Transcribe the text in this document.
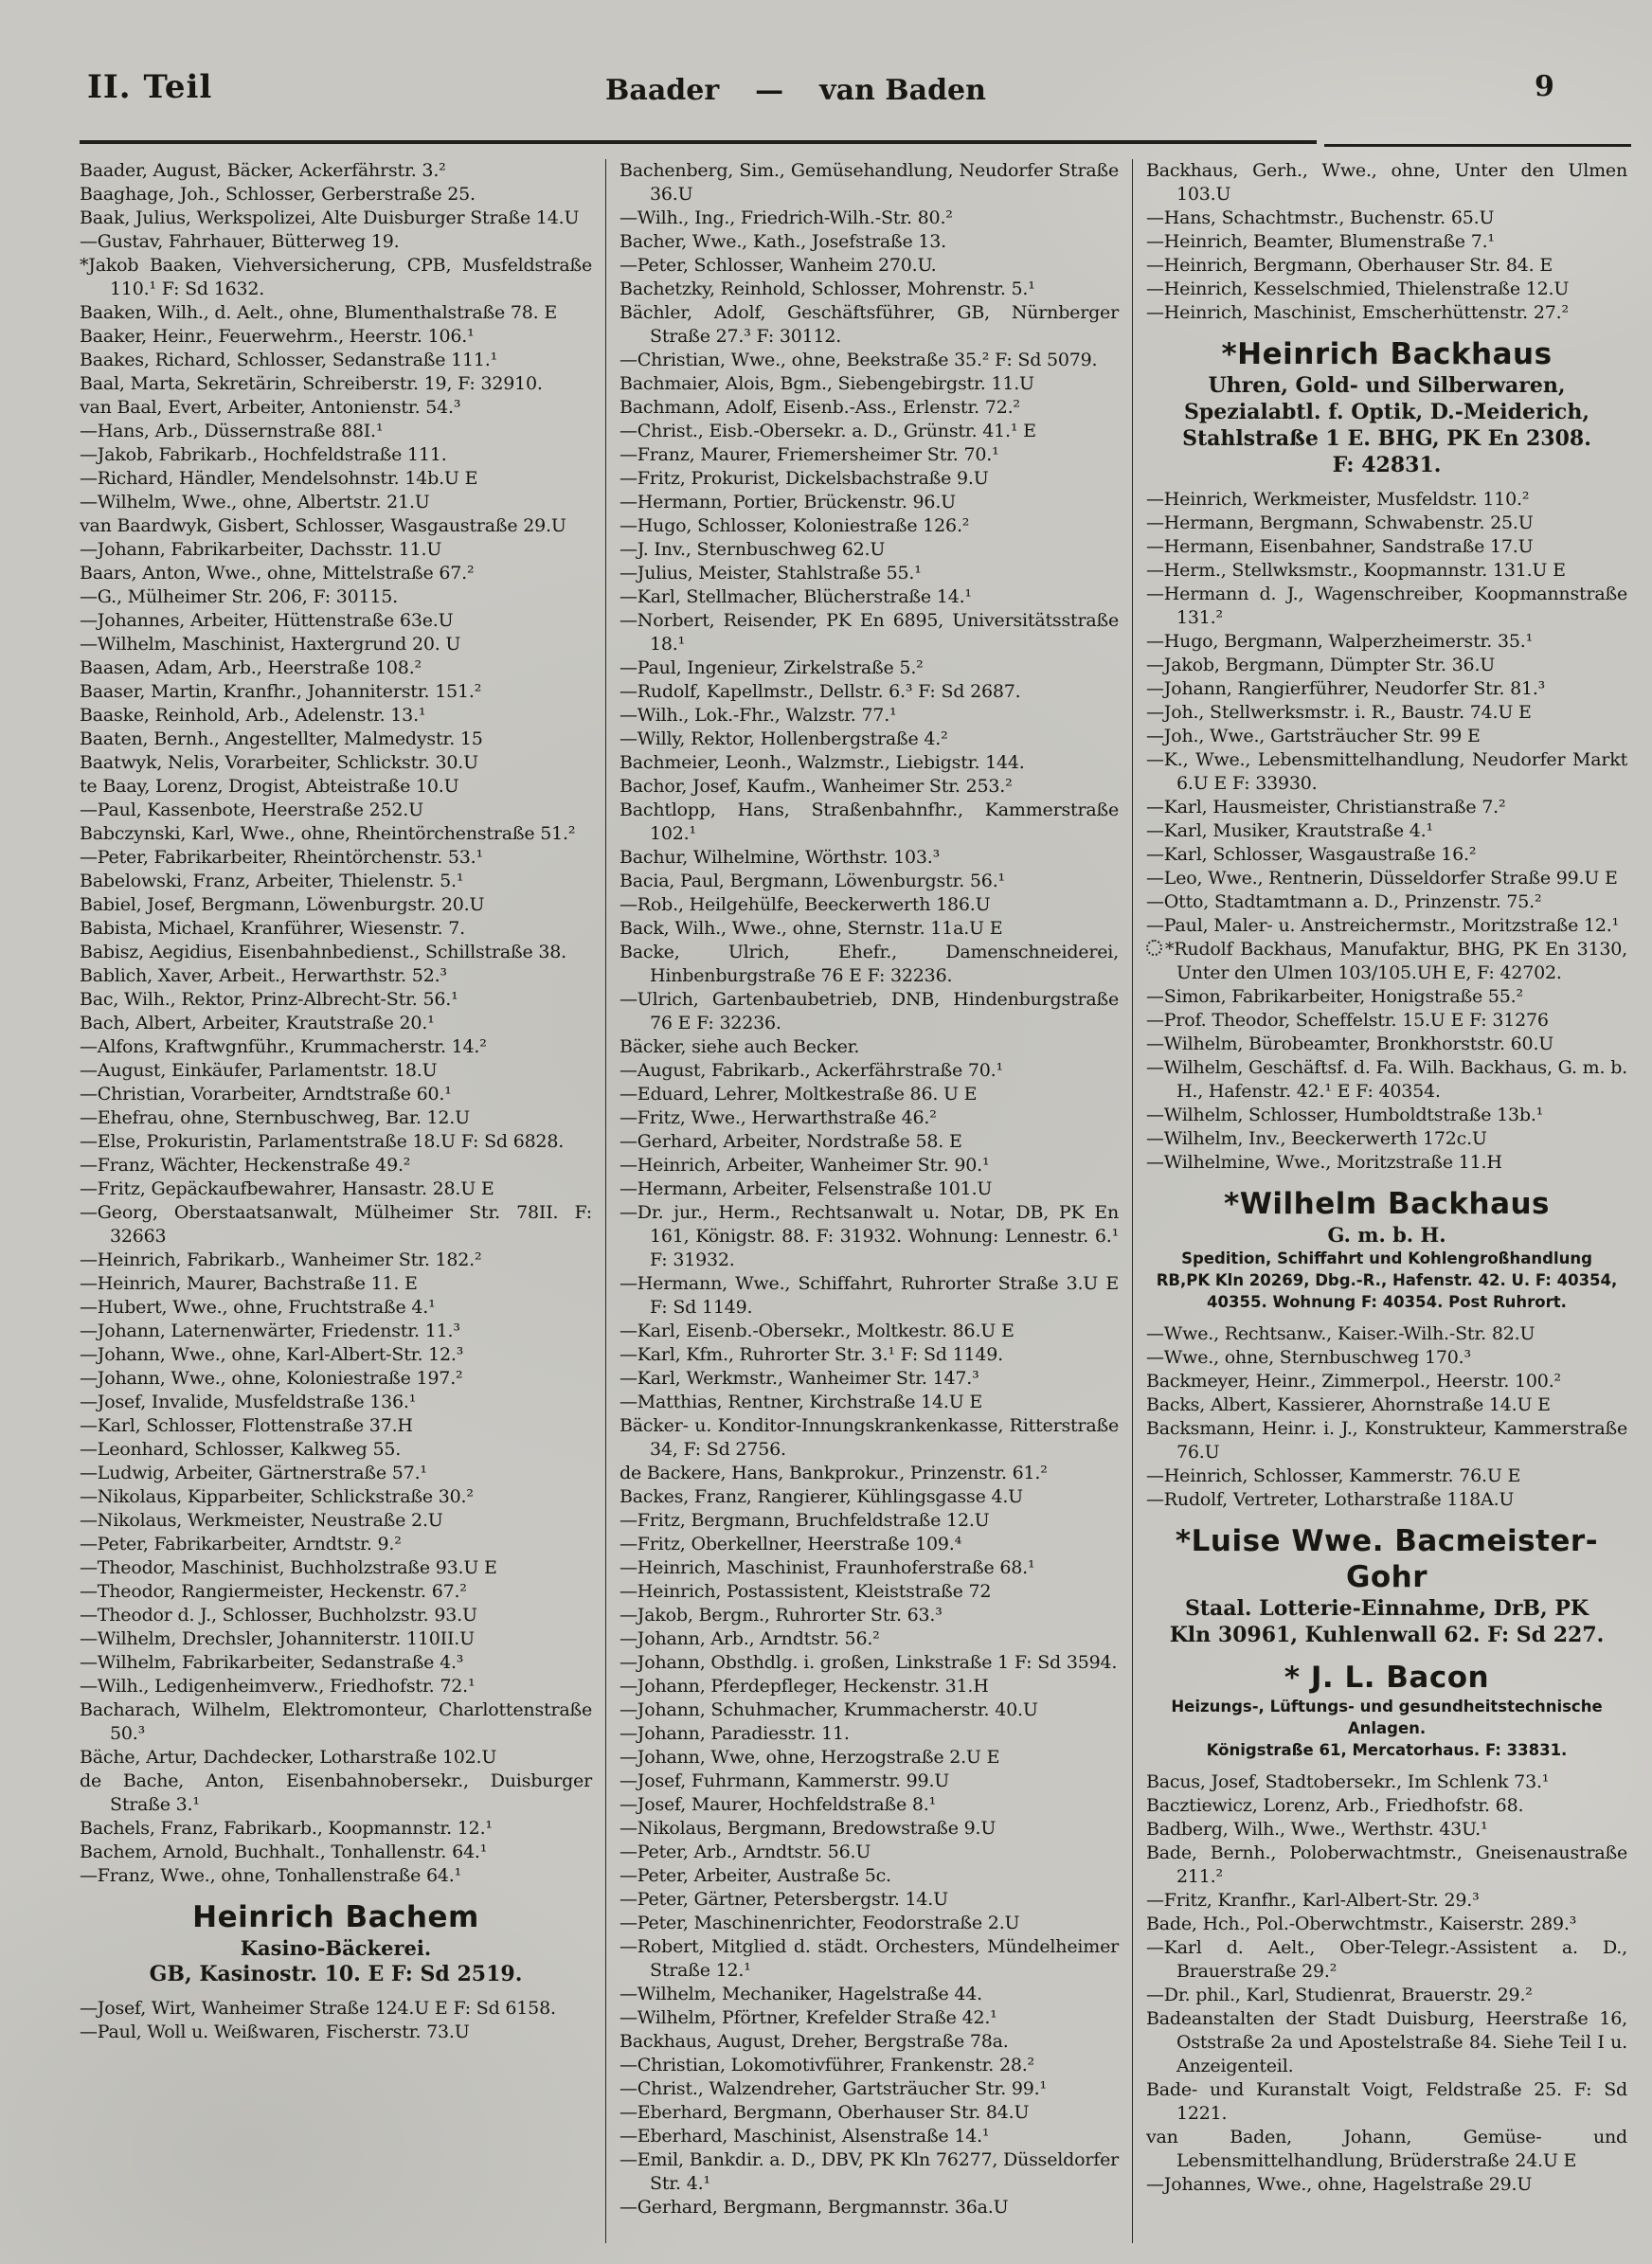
II. Teil	Baader — van Baden	9
Baader, August, Bäcker, Ackerfährstr. 3.²
Baaghage, Joh., Schlosser, Gerberstraße 25.
Baak, Julius, Werkspolizei, Alte Duisburger Straße 14.U
—Gustav, Fahrhauer, Bütterweg 19.
*Jakob Baaken, Viehversicherung, CPB, Musfeldstraße 110.¹ F: Sd 1632.
Baaken, Wilh., d. Aelt., ohne, Blumenthalstraße 78. E
Baaker, Heinr., Feuerwehrm., Heerstr. 106.¹
Baakes, Richard, Schlosser, Sedanstraße 111.¹
Baal, Marta, Sekretärin, Schreiberstr. 19, F: 32910.
van Baal, Evert, Arbeiter, Antonienstr. 54.³
—Hans, Arb., Düssernstraße 88I.¹
—Jakob, Fabrikarb., Hochfeldstraße 111.
—Richard, Händler, Mendelsohnstr. 14b.U E
—Wilhelm, Wwe., ohne, Albertstr. 21.U
van Baardwyk, Gisbert, Schlosser, Wasgaustraße 29.U
—Johann, Fabrikarbeiter, Dachsstr. 11.U
Baars, Anton, Wwe., ohne, Mittelstraße 67.²
—G., Mülheimer Str. 206, F: 30115.
—Johannes, Arbeiter, Hüttenstraße 63e.U
—Wilhelm, Maschinist, Haxtergrund 20. U
Baasen, Adam, Arb., Heerstraße 108.²
Baaser, Martin, Kranfhr., Johanniterstr. 151.²
Baaske, Reinhold, Arb., Adelenstr. 13.¹
Baaten, Bernh., Angestellter, Malmedystr. 15
Baatwyk, Nelis, Vorarbeiter, Schlickstr. 30.U
te Baay, Lorenz, Drogist, Abteistraße 10.U
—Paul, Kassenbote, Heerstraße 252.U
Babczynski, Karl, Wwe., ohne, Rheintörchenstraße 51.²
—Peter, Fabrikarbeiter, Rheintörchenstr. 53.¹
Babelowski, Franz, Arbeiter, Thielenstr. 5.¹
Babiel, Josef, Bergmann, Löwenburgstr. 20.U
Babista, Michael, Kranführer, Wiesenstr. 7.
Babisz, Aegidius, Eisenbahnbedienst., Schillstraße 38.
Bablich, Xaver, Arbeit., Herwarthstr. 52.³
Bac, Wilh., Rektor, Prinz-Albrecht-Str. 56.¹
Bach, Albert, Arbeiter, Krautstraße 20.¹
—Alfons, Kraftwgnführ., Krummacherstr. 14.²
—August, Einkäufer, Parlamentstr. 18.U
—Christian, Vorarbeiter, Arndtstraße 60.¹
—Ehefrau, ohne, Sternbuschweg, Bar. 12.U
—Else, Prokuristin, Parlamentstraße 18.U F: Sd 6828.
—Franz, Wächter, Heckenstraße 49.²
—Fritz, Gepäckaufbewahrer, Hansastr. 28.U E
—Georg, Oberstaatsanwalt, Mülheimer Str. 78II. F: 32663
—Heinrich, Fabrikarb., Wanheimer Str. 182.²
—Heinrich, Maurer, Bachstraße 11. E
—Hubert, Wwe., ohne, Fruchtstraße 4.¹
—Johann, Laternenwärter, Friedenstr. 11.³
—Johann, Wwe., ohne, Karl-Albert-Str. 12.³
—Johann, Wwe., ohne, Koloniestraße 197.²
—Josef, Invalide, Musfeldstraße 136.¹
—Karl, Schlosser, Flottenstraße 37.H
—Leonhard, Schlosser, Kalkweg 55.
—Ludwig, Arbeiter, Gärtnerstraße 57.¹
—Nikolaus, Kipparbeiter, Schlickstraße 30.²
—Nikolaus, Werkmeister, Neustraße 2.U
—Peter, Fabrikarbeiter, Arndtstr. 9.²
—Theodor, Maschinist, Buchholzstraße 93.U E
—Theodor, Rangiermeister, Heckenstr. 67.²
—Theodor d. J., Schlosser, Buchholzstr. 93.U
—Wilhelm, Drechsler, Johanniterstr. 110II.U
—Wilhelm, Fabrikarbeiter, Sedanstraße 4.³
—Wilh., Ledigenheimverw., Friedhofstr. 72.¹
Bacharach, Wilhelm, Elektromonteur, Charlottenstraße 50.³
Bäche, Artur, Dachdecker, Lotharstraße 102.U
de Bache, Anton, Eisenbahnobersekr., Duisburger Straße 3.¹
Bachels, Franz, Fabrikarb., Koopmannstr. 12.¹
Bachem, Arnold, Buchhalt., Tonhallenstr. 64.¹
—Franz, Wwe., ohne, Tonhallenstraße 64.¹
Heinrich Bachem
Kasino-Bäckerei.
GB, Kasinostr. 10. E F: Sd 2519.
—Josef, Wirt, Wanheimer Straße 124.U E F: Sd 6158.
—Paul, Woll u. Weißwaren, Fischerstr. 73.U
Bachenberg, Sim., Gemüsehandlung, Neudorfer Straße 36.U
—Wilh., Ing., Friedrich-Wilh.-Str. 80.²
Bacher, Wwe., Kath., Josefstraße 13.
—Peter, Schlosser, Wanheim 270.U.
Bachetzky, Reinhold, Schlosser, Mohrenstr. 5.¹
Bächler, Adolf, Geschäftsführer, GB, Nürnberger Straße 27.³ F: 30112.
—Christian, Wwe., ohne, Beekstraße 35.² F: Sd 5079.
Bachmaier, Alois, Bgm., Siebengebirgstr. 11.U
Bachmann, Adolf, Eisenb.-Ass., Erlenstr. 72.²
—Christ., Eisb.-Obersekr. a. D., Grünstr. 41.¹ E
—Franz, Maurer, Friemersheimer Str. 70.¹
—Fritz, Prokurist, Dickelsbachstraße 9.U
—Hermann, Portier, Brückenstr. 96.U
—Hugo, Schlosser, Koloniestraße 126.²
—J. Inv., Sternbuschweg 62.U
—Julius, Meister, Stahlstraße 55.¹
—Karl, Stellmacher, Blücherstraße 14.¹
—Norbert, Reisender, PK En 6895, Universitätsstraße 18.¹
—Paul, Ingenieur, Zirkelstraße 5.²
—Rudolf, Kapellmstr., Dellstr. 6.³ F: Sd 2687.
—Wilh., Lok.-Fhr., Walzstr. 77.¹
—Willy, Rektor, Hollenbergstraße 4.²
Bachmeier, Leonh., Walzmstr., Liebigstr. 144.
Bachor, Josef, Kaufm., Wanheimer Str. 253.²
Bachtlopp, Hans, Straßenbahnfhr., Kammerstraße 102.¹
Bachur, Wilhelmine, Wörthstr. 103.³
Bacia, Paul, Bergmann, Löwenburgstr. 56.¹
—Rob., Heilgehülfe, Beeckerwerth 186.U
Back, Wilh., Wwe., ohne, Sternstr. 11a.U E
Backe, Ulrich, Ehefr., Damenschneiderei, Hinbenburgstraße 76 E F: 32236.
—Ulrich, Gartenbaubetrieb, DNB, Hindenburgstraße 76 E F: 32236.
Bäcker, siehe auch Becker.
—August, Fabrikarb., Ackerfährstraße 70.¹
—Eduard, Lehrer, Moltkestraße 86. U E
—Fritz, Wwe., Herwarthstraße 46.²
—Gerhard, Arbeiter, Nordstraße 58. E
—Heinrich, Arbeiter, Wanheimer Str. 90.¹
—Hermann, Arbeiter, Felsenstraße 101.U
—Dr. jur., Herm., Rechtsanwalt u. Notar, DB, PK En 161, Königstr. 88. F: 31932. Wohnung: Lennestr. 6.¹ F: 31932.
—Hermann, Wwe., Schiffahrt, Ruhrorter Straße 3.U E F: Sd 1149.
—Karl, Eisenb.-Obersekr., Moltkestr. 86.U E
—Karl, Kfm., Ruhrorter Str. 3.¹ F: Sd 1149.
—Karl, Werkmstr., Wanheimer Str. 147.³
—Matthias, Rentner, Kirchstraße 14.U E
Bäcker- u. Konditor-Innungskrankenkasse, Ritterstraße 34, F: Sd 2756.
de Backere, Hans, Bankprokur., Prinzenstr. 61.²
Backes, Franz, Rangierer, Kühlingsgasse 4.U
—Fritz, Bergmann, Bruchfeldstraße 12.U
—Fritz, Oberkellner, Heerstraße 109.⁴
—Heinrich, Maschinist, Fraunhoferstraße 68.¹
—Heinrich, Postassistent, Kleiststraße 72
—Jakob, Bergm., Ruhrorter Str. 63.³
—Johann, Arb., Arndtstr. 56.²
—Johann, Obsthdlg. i. großen, Linkstraße 1 F: Sd 3594.
—Johann, Pferdepfleger, Heckenstr. 31.H
—Johann, Schuhmacher, Krummacherstr. 40.U
—Johann, Paradiesstr. 11.
—Johann, Wwe, ohne, Herzogstraße 2.U E
—Josef, Fuhrmann, Kammerstr. 99.U
—Josef, Maurer, Hochfeldstraße 8.¹
—Nikolaus, Bergmann, Bredowstraße 9.U
—Peter, Arb., Arndtstr. 56.U
—Peter, Arbeiter, Austraße 5c.
—Peter, Gärtner, Petersbergstr. 14.U
—Peter, Maschinenrichter, Feodorstraße 2.U
—Robert, Mitglied d. städt. Orchesters, Mündelheimer Straße 12.¹
—Wilhelm, Mechaniker, Hagelstraße 44.
—Wilhelm, Pförtner, Krefelder Straße 42.¹
Backhaus, August, Dreher, Bergstraße 78a.
—Christian, Lokomotivführer, Frankenstr. 28.²
—Christ., Walzendreher, Gartsträucher Str. 99.¹
—Eberhard, Bergmann, Oberhauser Str. 84.U
—Eberhard, Maschinist, Alsenstraße 14.¹
—Emil, Bankdir. a. D., DBV, PK Kln 76277, Düsseldorfer Str. 4.¹
—Gerhard, Bergmann, Bergmannstr. 36a.U
Backhaus, Gerh., Wwe., ohne, Unter den Ulmen 103.U
—Hans, Schachtmstr., Buchenstr. 65.U
—Heinrich, Beamter, Blumenstraße 7.¹
—Heinrich, Bergmann, Oberhauser Str. 84. E
—Heinrich, Kesselschmied, Thielenstraße 12.U
—Heinrich, Maschinist, Emscherhüttenstr. 27.²
*Heinrich Backhaus
Uhren, Gold- und Silberwaren,
Spezialabtl. f. Optik, D.-Meiderich,
Stahlstraße 1 E. BHG, PK En 2308.
F: 42831.
—Heinrich, Werkmeister, Musfeldstr. 110.²
—Hermann, Bergmann, Schwabenstr. 25.U
—Hermann, Eisenbahner, Sandstraße 17.U
—Herm., Stellwksmstr., Koopmannstr. 131.U E
—Hermann d. J., Wagenschreiber, Koopmannstraße 131.²
—Hugo, Bergmann, Walperzheimerstr. 35.¹
—Jakob, Bergmann, Dümpter Str. 36.U
—Johann, Rangierführer, Neudorfer Str. 81.³
—Joh., Stellwerksmstr. i. R., Baustr. 74.U E
—Joh., Wwe., Gartsträucher Str. 99 E
—K., Wwe., Lebensmittelhandlung, Neudorfer Markt 6.U E F: 33930.
—Karl, Hausmeister, Christianstraße 7.²
—Karl, Musiker, Krautstraße 4.¹
—Karl, Schlosser, Wasgaustraße 16.²
—Leo, Wwe., Rentnerin, Düsseldorfer Straße 99.U E
—Otto, Stadtamtmann a. D., Prinzenstr. 75.²
—Paul, Maler- u. Anstreichermstr., Moritzstraße 12.¹
*Rudolf Backhaus, Manufaktur, BHG, PK En 3130, Unter den Ulmen 103/105.UH E, F: 42702.
—Simon, Fabrikarbeiter, Honigstraße 55.²
—Prof. Theodor, Scheffelstr. 15.U E F: 31276
—Wilhelm, Bürobeamter, Bronkhorststr. 60.U
—Wilhelm, Geschäftsf. d. Fa. Wilh. Backhaus, G. m. b. H., Hafenstr. 42.¹ E F: 40354.
—Wilhelm, Schlosser, Humboldtstraße 13b.¹
—Wilhelm, Inv., Beeckerwerth 172c.U
—Wilhelmine, Wwe., Moritzstraße 11.H
*Wilhelm Backhaus
G. m. b. H.
Spedition, Schiffahrt und Kohlengroßhandlung
RB,PK Kln 20269, Dbg.-R., Hafenstr. 42. U. F: 40354,
40355. Wohnung F: 40354. Post Ruhrort.
—Wwe., Rechtsanw., Kaiser.-Wilh.-Str. 82.U
—Wwe., ohne, Sternbuschweg 170.³
Backmeyer, Heinr., Zimmerpol., Heerstr. 100.²
Backs, Albert, Kassierer, Ahornstraße 14.U E
Backsmann, Heinr. i. J., Konstrukteur, Kammerstraße 76.U
—Heinrich, Schlosser, Kammerstr. 76.U E
—Rudolf, Vertreter, Lotharstraße 118A.U
*Luise Wwe. Bacmeister-Gohr
Staal. Lotterie-Einnahme, DrB, PK
Kln 30961, Kuhlenwall 62. F: Sd 227.
* J. L. Bacon
Heizungs-, Lüftungs- und gesundheitstechnische
Anlagen.
Königstraße 61, Mercatorhaus. F: 33831.
Bacus, Josef, Stadtobersekr., Im Schlenk 73.¹
Bacztiewicz, Lorenz, Arb., Friedhofstr. 68.
Badberg, Wilh., Wwe., Werthstr. 43U.¹
Bade, Bernh., Poloberwachtmstr., Gneisenaustraße 211.²
—Fritz, Kranfhr., Karl-Albert-Str. 29.³
Bade, Hch., Pol.-Oberwchtmstr., Kaiserstr. 289.³
—Karl d. Aelt., Ober-Telegr.-Assistent a. D., Brauerstraße 29.²
—Dr. phil., Karl, Studienrat, Brauerstr. 29.²
Badeanstalten der Stadt Duisburg, Heerstraße 16, Oststraße 2a und Apostelstraße 84. Siehe Teil I u. Anzeigenteil.
Bade- und Kuranstalt Voigt, Feldstraße 25. F: Sd 1221.
van Baden, Johann, Gemüse- und Lebensmittelhandlung, Brüderstraße 24.U E
—Johannes, Wwe., ohne, Hagelstraße 29.U
